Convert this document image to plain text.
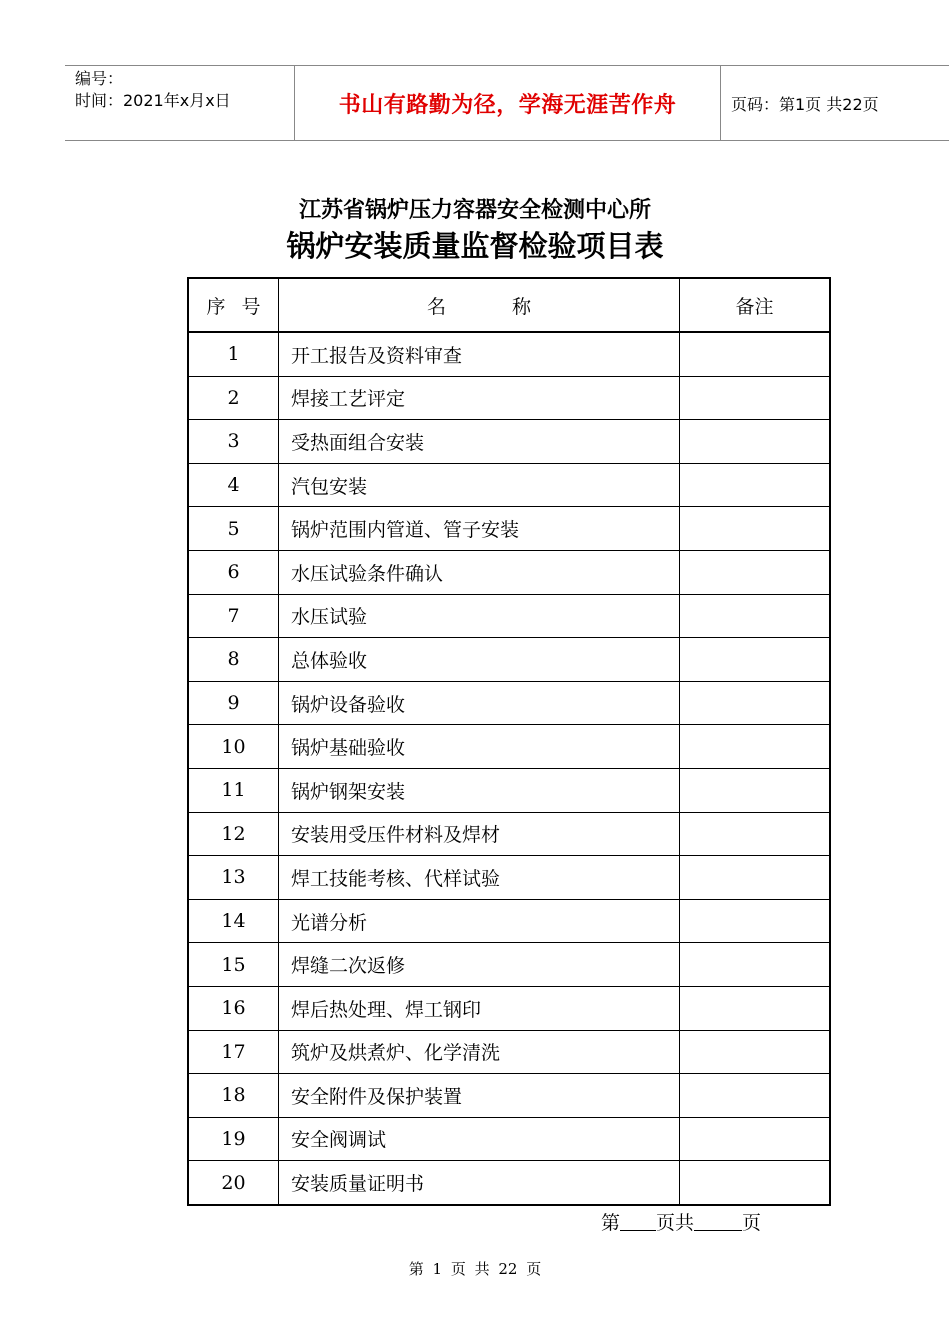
编号：
时间：2021年x月x日	书山有路勤为径，学海无涯苦作舟	页码：第1页 共22页
江苏省锅炉压力容器安全检测中心所
锅炉安装质量监督检验项目表
序 号	名 称	备注
1	开工报告及资料审查	
2	焊接工艺评定	
3	受热面组合安装	
4	汽包安装	
5	锅炉范围内管道、管子安装	
6	水压试验条件确认	
7	水压试验	
8	总体验收	
9	锅炉设备验收	
10	锅炉基础验收	
11	锅炉钢架安装	
12	安装用受压件材料及焊材	
13	焊工技能考核、代样试验	
14	光谱分析	
15	焊缝二次返修	
16	焊后热处理、焊工钢印	
17	筑炉及烘煮炉、化学清洗	
18	安全附件及保护装置	
19	安全阀调试	
20	安装质量证明书	
第 页共	页
第 1 页 共 22 页
